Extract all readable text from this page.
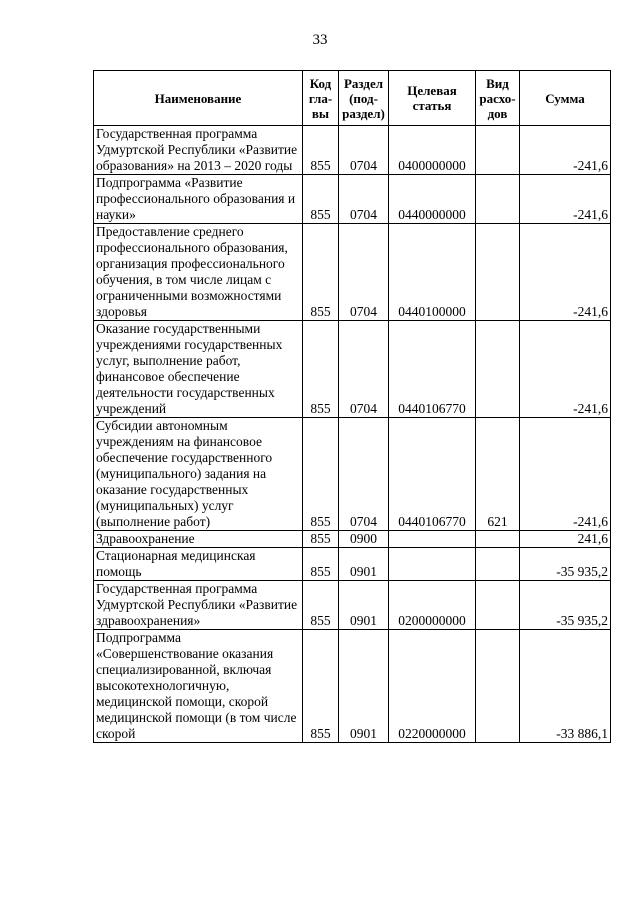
33
Наименование	Код гла-вы	Раздел (под-раздел)	Целевая статья	Вид расхо-дов	Сумма
Государственная программа Удмуртской Республики «Развитие образования» на 2013 – 2020 годы	855	0704	0400000000		-241,6
Подпрограмма «Развитие профессионального образования и науки»	855	0704	0440000000		-241,6
Предоставление среднего профессионального образования, организация профессионального обучения, в том числе лицам с ограниченными возможностями здоровья	855	0704	0440100000		-241,6
Оказание государственными учреждениями государственных услуг, выполнение работ, финансовое обеспечение деятельности государственных учреждений	855	0704	0440106770		-241,6
Субсидии автономным учреждениям на финансовое обеспечение государственного (муниципального) задания на оказание государственных (муниципальных) услуг (выполнение работ)	855	0704	0440106770	621	-241,6
Здравоохранение	855	0900			241,6
Стационарная медицинская помощь	855	0901			-35 935,2
Государственная программа Удмуртской Республики «Развитие здравоохранения»	855	0901	0200000000		-35 935,2
Подпрограмма «Совершенствование оказания специализированной, включая высокотехнологичную, медицинской помощи, скорой медицинской помощи (в том числе скорой	855	0901	0220000000		-33 886,1
